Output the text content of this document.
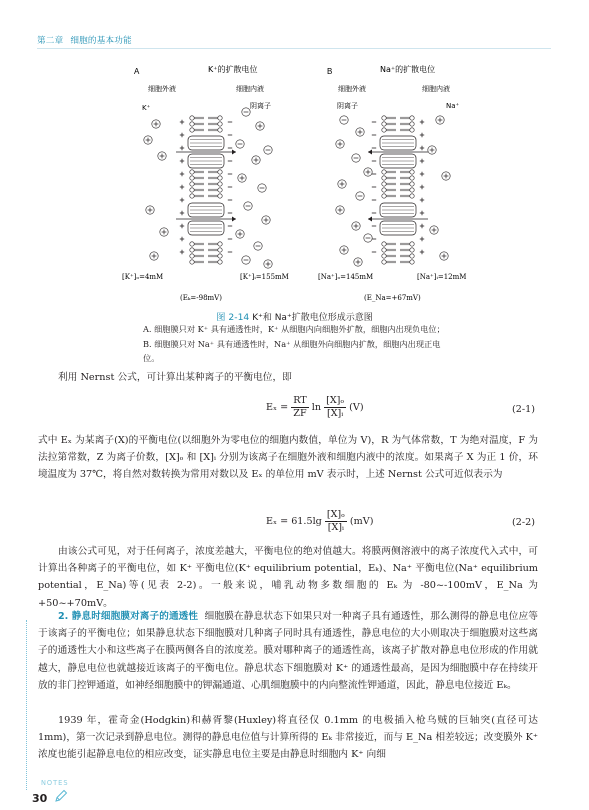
第二章 细胞的基本功能
A	K⁺的扩散电位
细胞外液	细胞内液
K⁺	阴离子
[K⁺]ₒ=4mM	[K⁺]ᵢ=155mM
(Eₖ=-98mV)
B	Na⁺的扩散电位
细胞外液	细胞内液
阴离子	Na⁺
[Na⁺]ₒ=145mM	[Na⁺]ᵢ=12mM
(E_Na=+67mV)
图 2-14 K⁺和 Na⁺扩散电位形成示意图
A. 细胞膜只对 K⁺ 具有通透性时，K⁺ 从细胞内向细胞外扩散，细胞内出现负电位；B. 细胞膜只对 Na⁺ 具有通透性时，Na⁺ 从细胞外向细胞内扩散，细胞内出现正电位。
利用 Nernst 公式，可计算出某种离子的平衡电位，即
$E_x = \frac{RT}{ZF}$ $\ln \frac{\text{[X]ₒ}}{\text{[X]ᵢ}} (V)$	(2-1)
式中 Eₓ 为某离子(X)的平衡电位(以细胞外为零电位的细胞内数值，单位为 V)，R 为气体常数，T 为绝对温度，F 为法拉第常数，Z 为离子价数，[X]ₒ 和 [X]ᵢ 分别为该离子在细胞外液和细胞内液中的浓度。如果离子 X 为正 1 价，环境温度为 37℃，将自然对数转换为常用对数以及 Eₓ 的单位用 mV 表示时，上述 Nernst 公式可近似表示为
$E_x = 61.5\lg \frac{\text{[X]ₒ}}{\text{[X]ᵢ}} (mV)$	(2-2)
由该公式可见，对于任何离子，浓度差越大，平衡电位的绝对值越大。将膜两侧溶液中的离子浓度代入式中，可计算出各种离子的平衡电位，如 K⁺ 平衡电位(K⁺ equilibrium potential，Eₖ)、Na⁺ 平衡电位(Na⁺ equilibrium potential，E_Na)等(见表 2-2)。一般来说，哺乳动物多数细胞的 Eₖ 为 -80~-100mV，E_Na 为 +50~+70mV。
2. 静息时细胞膜对离子的通透性 细胞膜在静息状态下如果只对一种离子具有通透性，那么测得的静息电位应等于该离子的平衡电位；如果静息状态下细胞膜对几种离子同时具有通透性，静息电位的大小则取决于细胞膜对这些离子的通透性大小和这些离子在膜两侧各自的浓度差。膜对哪种离子的通透性高，该离子扩散对静息电位形成的作用就越大，静息电位也就越接近该离子的平衡电位。静息状态下细胞膜对 K⁺ 的通透性最高，是因为细胞膜中存在持续开放的非门控钾通道，如神经细胞膜中的钾漏通道、心肌细胞膜中的内向整流性钾通道，因此，静息电位接近 Eₖ。
1939 年，霍奇金(Hodgkin)和赫胥黎(Huxley)将直径仅 0.1mm 的电极插入枪乌贼的巨轴突(直径可达 1mm)，第一次记录到静息电位。测得的静息电位值与计算所得的 Eₖ 非常接近，而与 E_Na 相差较远；改变膜外 K⁺ 浓度也能引起静息电位的相应改变，证实静息电位主要是由静息时细胞内 K⁺ 向细
NOTES
30
